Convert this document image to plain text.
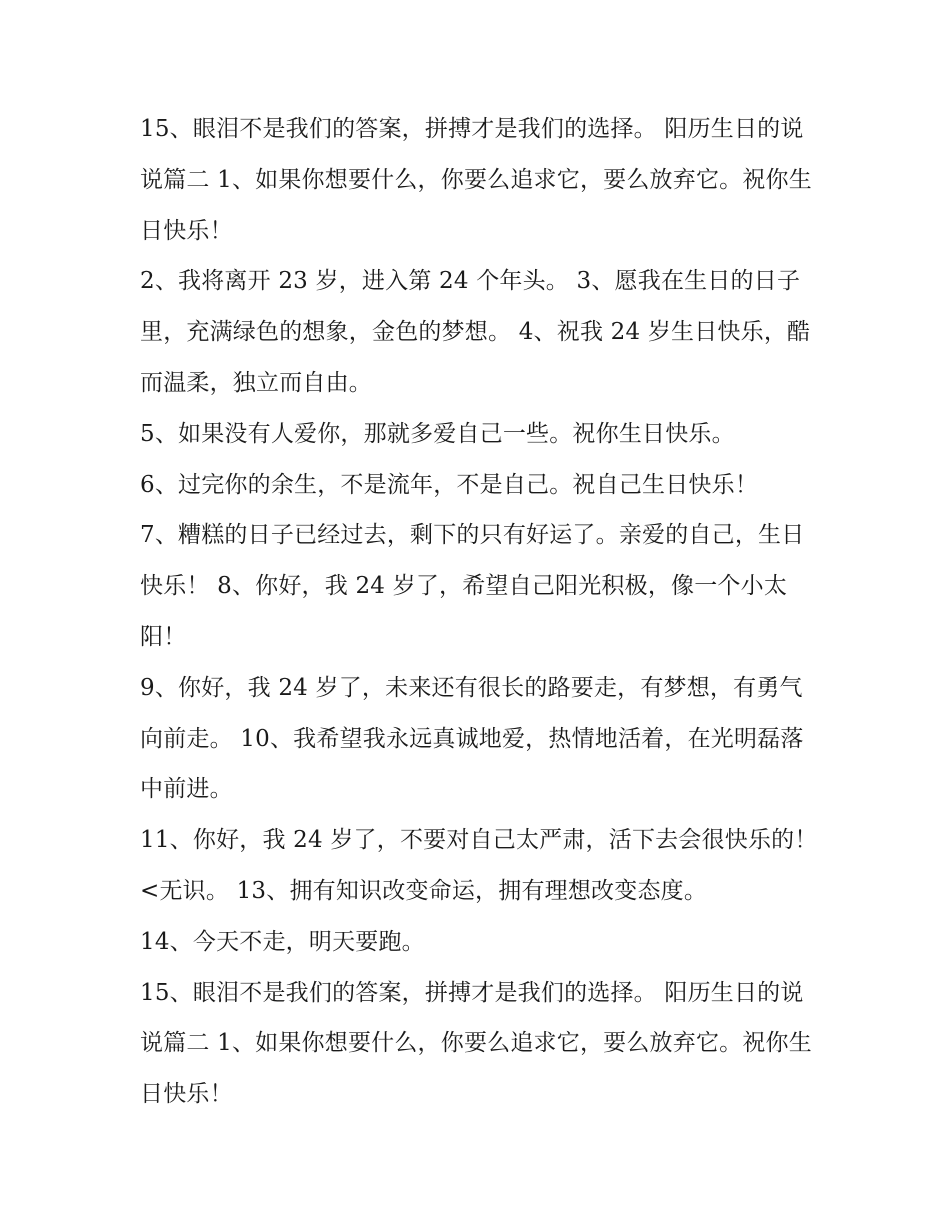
15、眼泪不是我们的答案，拼搏才是我们的选择。 阳历生日的说说篇二 1、如果你想要什么，你要么追求它，要么放弃它。祝你生日快乐！

2、我将离开 23 岁，进入第 24 个年头。 3、愿我在生日的日子里，充满绿色的想象，金色的梦想。 4、祝我 24 岁生日快乐，酷而温柔，独立而自由。

5、如果没有人爱你，那就多爱自己一些。祝你生日快乐。

6、过完你的余生，不是流年，不是自己。祝自己生日快乐！

7、糟糕的日子已经过去，剩下的只有好运了。亲爱的自己，生日快乐！ 8、你好，我 24 岁了，希望自己阳光积极，像一个小太阳！

9、你好，我 24 岁了，未来还有很长的路要走，有梦想，有勇气向前走。 10、我希望我永远真诚地爱，热情地活着，在光明磊落中前进。

11、你好，我 24 岁了，不要对自己太严肃，活下去会很快乐的！<无识。 13、拥有知识改变命运，拥有理想改变态度。

14、今天不走，明天要跑。

15、眼泪不是我们的答案，拼搏才是我们的选择。 阳历生日的说说篇二 1、如果你想要什么，你要么追求它，要么放弃它。祝你生日快乐！
